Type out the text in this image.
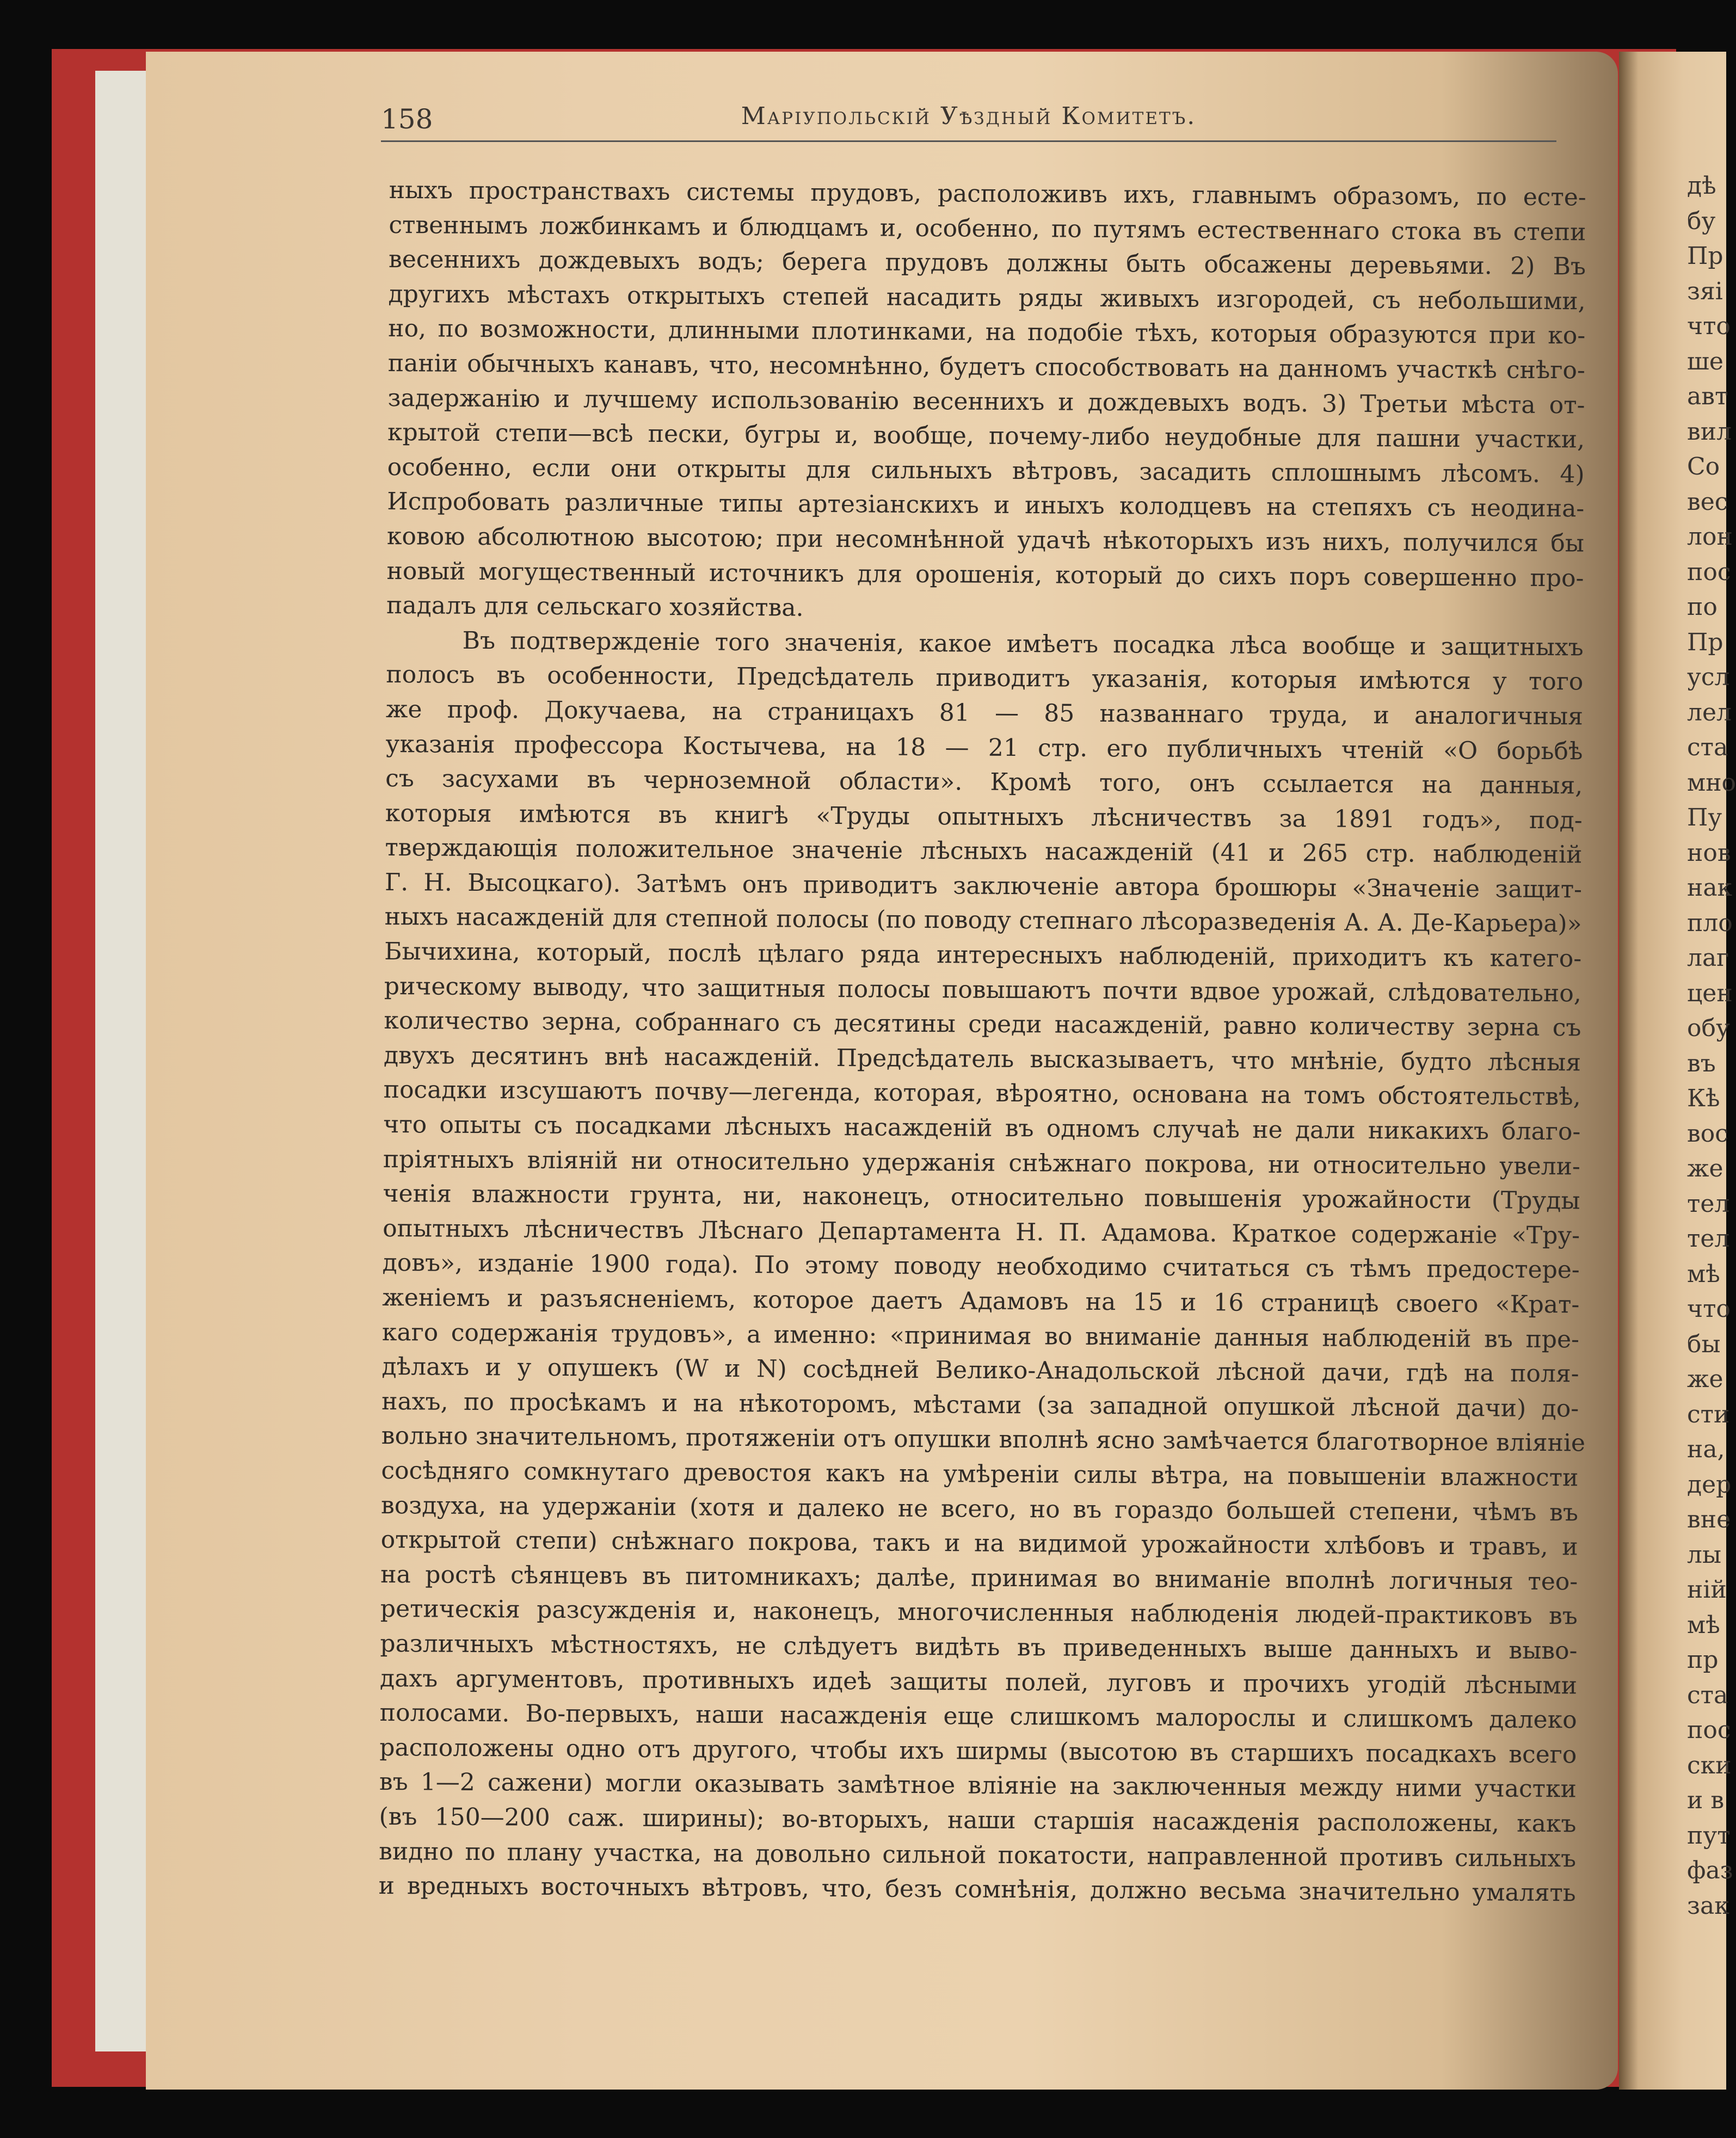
158	Маріупольскій Уѣздный Комитетъ.
ныхъ пространствахъ системы прудовъ, расположивъ ихъ, главнымъ образомъ, по есте-
ственнымъ ложбинкамъ и блюдцамъ и, особенно, по путямъ естественнаго стока въ степи
весеннихъ дождевыхъ водъ; берега прудовъ должны быть обсажены деревьями. 2) Въ
другихъ мѣстахъ открытыхъ степей насадить ряды живыхъ изгородей, съ небольшими,
но, по возможности, длинными плотинками, на подобіе тѣхъ, которыя образуются при ко-
паніи обычныхъ канавъ, что, несомнѣнно, будетъ способствовать на данномъ участкѣ снѣго-
задержанію и лучшему использованію весеннихъ и дождевыхъ водъ. 3) Третьи мѣста от-
крытой степи—всѣ пески, бугры и, вообще, почему-либо неудобные для пашни участки,
особенно, если они открыты для сильныхъ вѣтровъ, засадить сплошнымъ лѣсомъ. 4)
Испробовать различные типы артезіанскихъ и иныхъ колодцевъ на степяхъ съ неодина-
ковою абсолютною высотою; при несомнѣнной удачѣ нѣкоторыхъ изъ нихъ, получился бы
новый могущественный источникъ для орошенія, который до сихъ поръ совершенно про-
падалъ для сельскаго хозяйства.
Въ подтвержденіе того значенія, какое имѣетъ посадка лѣса вообще и защитныхъ
полосъ въ особенности, Предсѣдатель приводитъ указанія, которыя имѣются у того
же проф. Докучаева, на страницахъ 81 — 85 названнаго труда, и аналогичныя
указанія профессора Костычева, на 18 — 21 стр. его публичныхъ чтеній «О борьбѣ
съ засухами въ черноземной области». Кромѣ того, онъ ссылается на данныя,
которыя имѣются въ книгѣ «Труды опытныхъ лѣсничествъ за 1891 годъ», под-
тверждающія положительное значеніе лѣсныхъ насажденій (41 и 265 стр. наблюденій
Г. Н. Высоцкаго). Затѣмъ онъ приводитъ заключеніе автора брошюры «Значеніе защит-
ныхъ насажденій для степной полосы (по поводу степнаго лѣсоразведенія А. А. Де-Карьера)»
Бычихина, который, послѣ цѣлаго ряда интересныхъ наблюденій, приходитъ къ катего-
рическому выводу, что защитныя полосы повышаютъ почти вдвое урожай, слѣдовательно,
количество зерна, собраннаго съ десятины среди насажденій, равно количеству зерна съ
двухъ десятинъ внѣ насажденій. Предсѣдатель высказываетъ, что мнѣніе, будто лѣсныя
посадки изсушаютъ почву—легенда, которая, вѣроятно, основана на томъ обстоятельствѣ,
что опыты съ посадками лѣсныхъ насажденій въ одномъ случаѣ не дали никакихъ благо-
пріятныхъ вліяній ни относительно удержанія снѣжнаго покрова, ни относительно увели-
ченія влажности грунта, ни, наконецъ, относительно повышенія урожайности (Труды
опытныхъ лѣсничествъ Лѣснаго Департамента Н. П. Адамова. Краткое содержаніе «Тру-
довъ», изданіе 1900 года). По этому поводу необходимо считаться съ тѣмъ предостере-
женіемъ и разъясненіемъ, которое даетъ Адамовъ на 15 и 16 страницѣ своего «Крат-
каго содержанія трудовъ», а именно: «принимая во вниманіе данныя наблюденій въ пре-
дѣлахъ и у опушекъ (W и N) сосѣдней Велико-Анадольской лѣсной дачи, гдѣ на поля-
нахъ, по просѣкамъ и на нѣкоторомъ, мѣстами (за западной опушкой лѣсной дачи) до-
вольно значительномъ, протяженіи отъ опушки вполнѣ ясно замѣчается благотворное вліяніе
сосѣдняго сомкнутаго древостоя какъ на умѣреніи силы вѣтра, на повышеніи влажности
воздуха, на удержаніи (хотя и далеко не всего, но въ гораздо большей степени, чѣмъ въ
открытой степи) снѣжнаго покрова, такъ и на видимой урожайности хлѣбовъ и травъ, и
на ростѣ сѣянцевъ въ питомникахъ; далѣе, принимая во вниманіе вполнѣ логичныя тео-
ретическія разсужденія и, наконецъ, многочисленныя наблюденія людей-практиковъ въ
различныхъ мѣстностяхъ, не слѣдуетъ видѣть въ приведенныхъ выше данныхъ и выво-
дахъ аргументовъ, противныхъ идеѣ защиты полей, луговъ и прочихъ угодій лѣсными
полосами. Во-первыхъ, наши насажденія еще слишкомъ малорослы и слишкомъ далеко
расположены одно отъ другого, чтобы ихъ ширмы (высотою въ старшихъ посадкахъ всего
въ 1—2 сажени) могли оказывать замѣтное вліяніе на заключенныя между ними участки
(въ 150—200 саж. ширины); во-вторыхъ, наши старшія насажденія расположены, какъ
видно по плану участка, на довольно сильной покатости, направленной противъ сильныхъ
и вредныхъ восточныхъ вѣтровъ, что, безъ сомнѣнія, должно весьма значительно умалять
дѣ
бу
Пр
зяі
что
ше
авт
вил
Со
вес
лон
пос
по
Пр
усл
лел
ста
мно
Пу
нов
нак
пло
лаг
цен
обу
въ
Кѣ
вос
же
тел
тел
мѣ
что
бы
же
сти
на,
дер
вне
лы
ній
мѣ
пр
ста
пос
ски
и в
пут
фаз
зак
